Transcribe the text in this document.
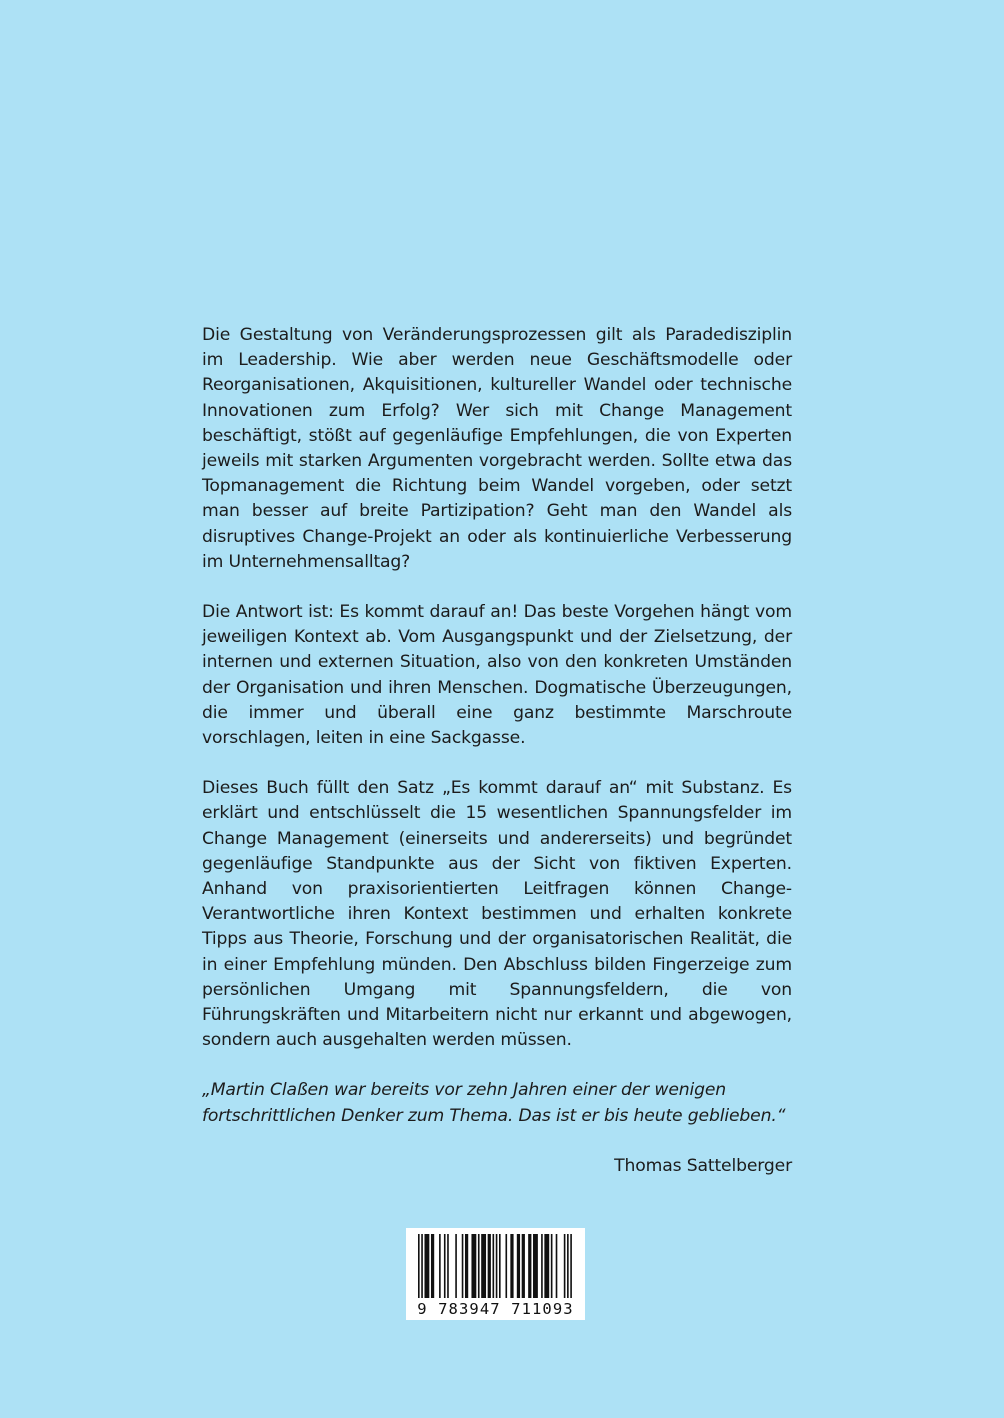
Die Gestaltung von Veränderungsprozessen gilt als Paradedisziplin im Leadership. Wie aber werden neue Geschäftsmodelle oder Reorganisationen, Akquisitionen, kultureller Wandel oder technische Innovationen zum Erfolg? Wer sich mit Change Management beschäftigt, stößt auf gegenläufige Empfehlungen, die von Experten jeweils mit starken Argumenten vorgebracht werden. Sollte etwa das Topmanagement die Richtung beim Wandel vorgeben, oder setzt man besser auf breite Partizipation? Geht man den Wandel als disruptives Change-Projekt an oder als kontinuierliche Verbesserung im Unternehmensalltag?

Die Antwort ist: Es kommt darauf an! Das beste Vorgehen hängt vom jeweiligen Kontext ab. Vom Ausgangspunkt und der Zielsetzung, der internen und externen Situation, also von den konkreten Umständen der Organisation und ihren Menschen. Dogmatische Überzeugungen, die immer und überall eine ganz bestimmte Marschroute vorschlagen, leiten in eine Sackgasse.

Dieses Buch füllt den Satz „Es kommt darauf an“ mit Substanz. Es erklärt und entschlüsselt die 15 wesentlichen Spannungsfelder im Change Management (einerseits und andererseits) und begründet gegenläufige Standpunkte aus der Sicht von fiktiven Experten. Anhand von praxisorientierten Leitfragen können Change-Verantwortliche ihren Kontext bestimmen und erhalten konkrete Tipps aus Theorie, Forschung und der organisatorischen Realität, die in einer Empfehlung münden. Den Abschluss bilden Fingerzeige zum persönlichen Umgang mit Spannungsfeldern, die von Führungskräften und Mitarbeitern nicht nur erkannt und abgewogen, sondern auch ausgehalten werden müssen.

„Martin Claßen war bereits vor zehn Jahren einer der wenigen fortschrittlichen Denker zum Thema. Das ist er bis heute geblieben.“

Thomas Sattelberger

9 783947 711093
